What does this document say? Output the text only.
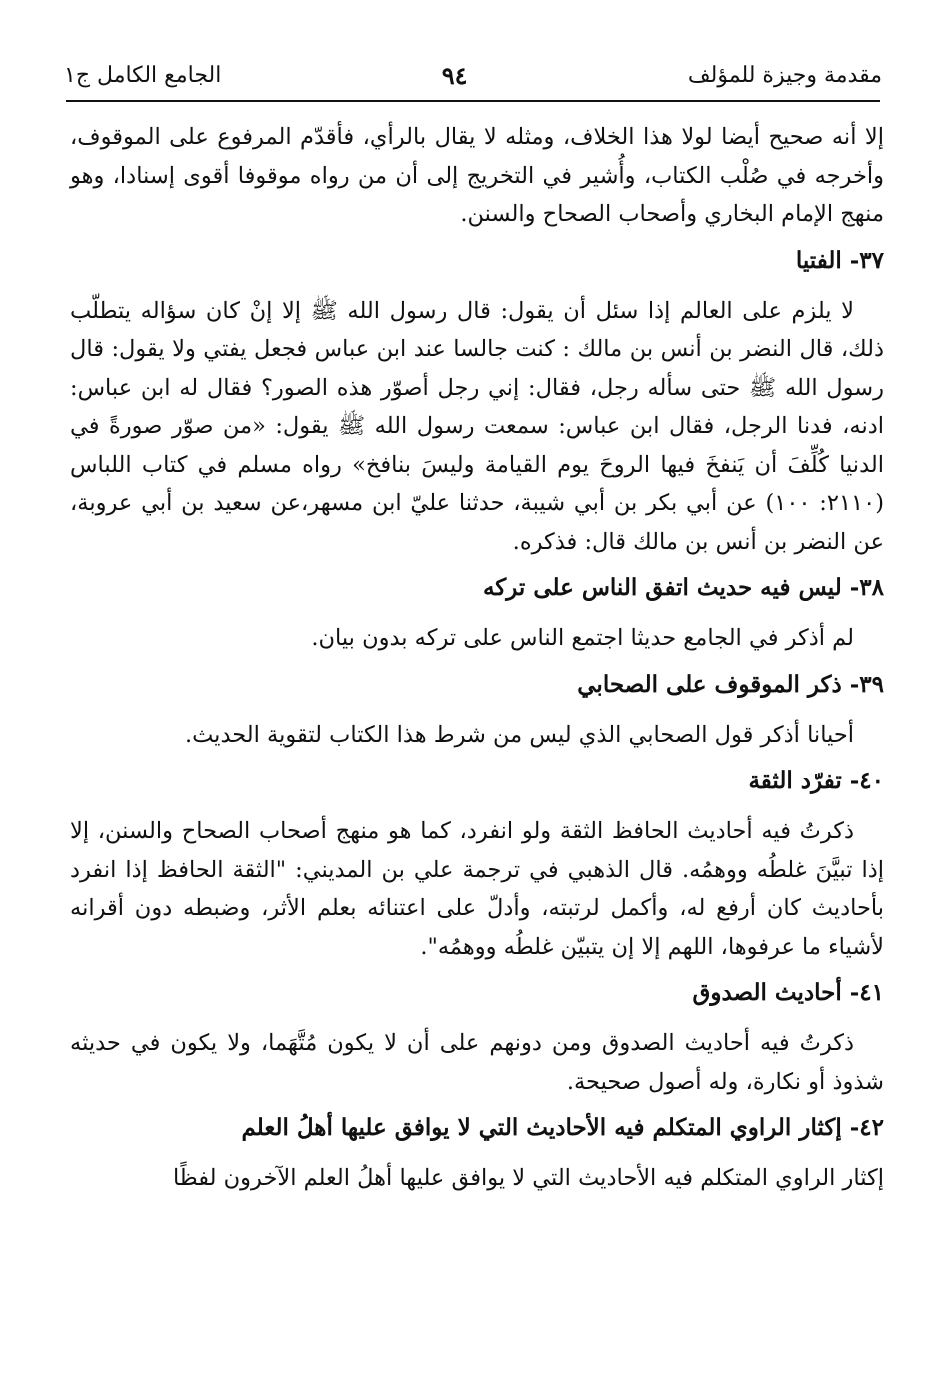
مقدمة وجيزة للمؤلف
٩٤
الجامع الكامل ج١

إلا أنه صحيح أيضا لولا هذا الخلاف، ومثله لا يقال بالرأي، فأقدّم المرفوع على الموقوف، وأخرجه في صُلْب الكتاب، وأُشير في التخريج إلى أن من رواه موقوفا أقوى إسنادا، وهو منهج الإمام البخاري وأصحاب الصحاح والسنن.

٣٧-
الفتيا

لا يلزم على العالم إذا سئل أن يقول: قال رسول الله ﷺ إلا إنْ كان سؤاله يتطلّب ذلك، قال النضر بن أنس بن مالك : كنت جالسا عند ابن عباس فجعل يفتي ولا يقول: قال رسول الله ﷺ حتى سأله رجل، فقال: إني رجل أصوّر هذه الصور؟ فقال له ابن عباس: ادنه، فدنا الرجل، فقال ابن عباس: سمعت رسول الله ﷺ يقول: «من صوّر صورةً في الدنيا كُلِّفَ أن يَنفخَ فيها الروحَ يوم القيامة وليسَ بنافخ» رواه مسلم في كتاب اللباس (٢١١٠: ١٠٠) عن أبي بكر بن أبي شيبة، حدثنا عليّ ابن مسهر،عن سعيد بن أبي عروبة، عن النضر بن أنس بن مالك قال: فذكره.

٣٨-
ليس فيه حديث اتفق الناس على تركه

لم أذكر في الجامع حديثا اجتمع الناس على تركه بدون بيان.

٣٩-
ذكر الموقوف على الصحابي

أحيانا أذكر قول الصحابي الذي ليس من شرط هذا الكتاب لتقوية الحديث.

٤٠-
تفرّد الثقة

ذكرتُ فيه أحاديث الحافظ الثقة ولو انفرد، كما هو منهج أصحاب الصحاح والسنن، إلا إذا تبيَّنَ غلطُه ووهمُه. قال الذهبي في ترجمة علي بن المديني: "الثقة الحافظ إذا انفرد بأحاديث كان أرفع له، وأكمل لرتبته، وأدلّ على اعتنائه بعلم الأثر، وضبطه دون أقرانه لأشياء ما عرفوها، اللهم إلا إن يتبيّن غلطُه ووهمُه".

٤١-
أحاديث الصدوق

ذكرتُ فيه أحاديث الصدوق ومن دونهم على أن لا يكون مُتَّهَما، ولا يكون في حديثه شذوذ أو نكارة، وله أصول صحيحة.

٤٢-
إكثار الراوي المتكلم فيه الأحاديث التي لا يوافق عليها أهلُ العلم

إكثار الراوي المتكلم فيه الأحاديث التي لا يوافق عليها أهلُ العلم الآخرون لفظًا
